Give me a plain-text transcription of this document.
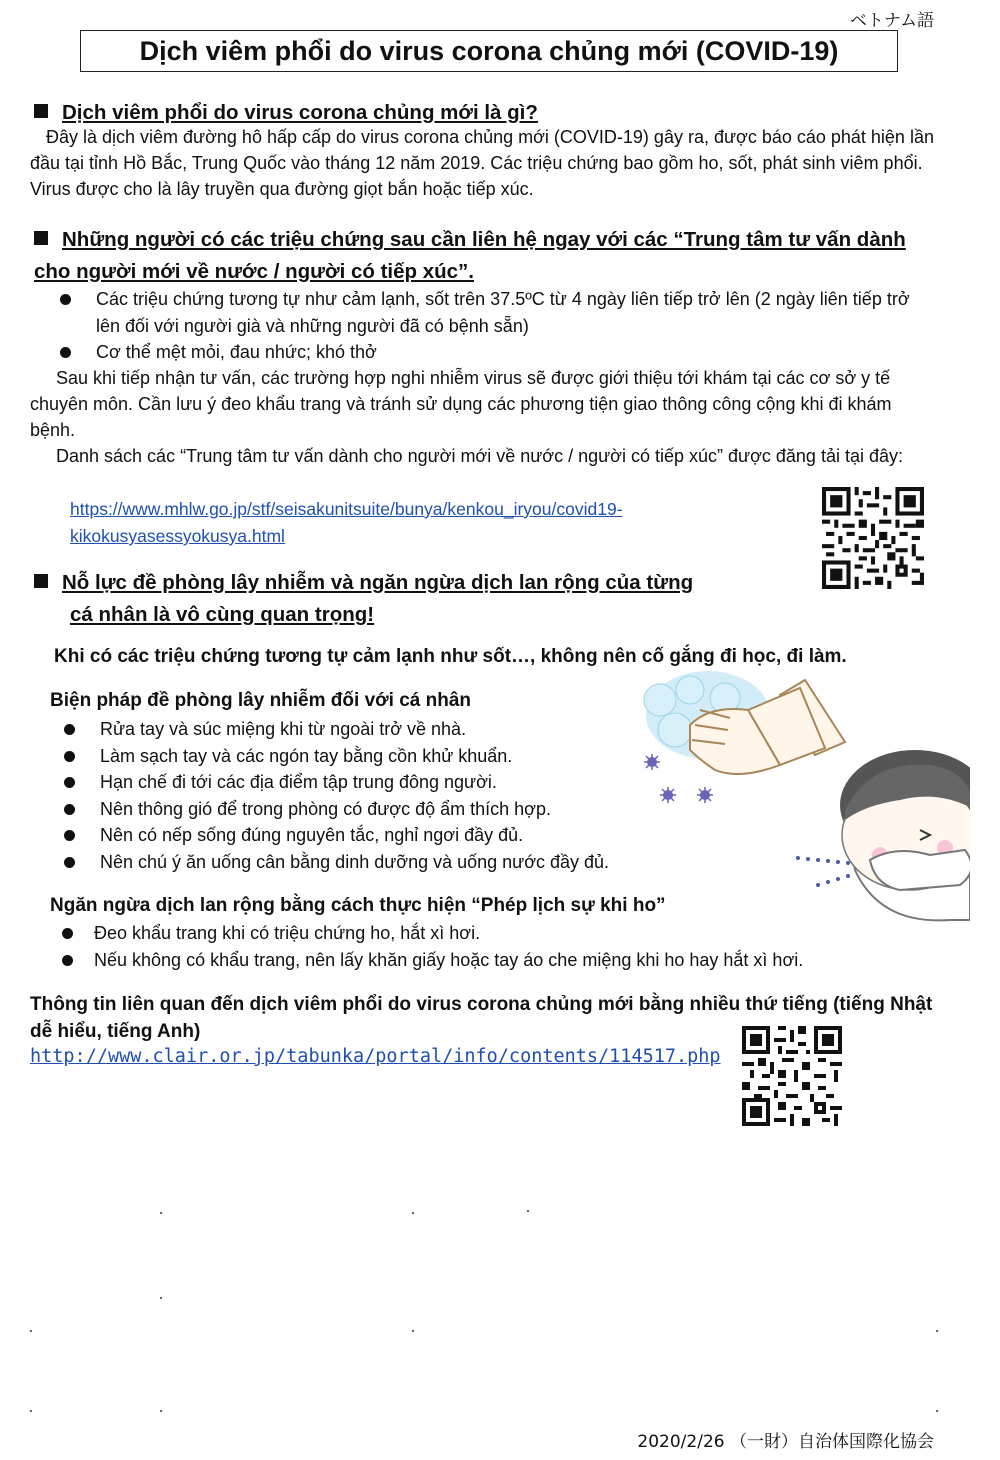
ベトナム語
Dịch viêm phổi do virus corona chủng mới (COVID-19)
Dịch viêm phổi do virus corona chủng mới là gì?
Đây là dịch viêm đường hô hấp cấp do virus corona chủng mới (COVID-19) gây ra, được báo cáo phát hiện lần đầu tại tỉnh Hồ Bắc, Trung Quốc vào tháng 12 năm 2019. Các triệu chứng bao gồm ho, sốt, phát sinh viêm phổi. Virus được cho là lây truyền qua đường giọt bắn hoặc tiếp xúc.
Những người có các triệu chứng sau cần liên hệ ngay với các “Trung tâm tư vấn dành cho người mới về nước / người có tiếp xúc”.
Các triệu chứng tương tự như cảm lạnh, sốt trên 37.5ºC từ 4 ngày liên tiếp trở lên (2 ngày liên tiếp trở lên đối với người già và những người đã có bệnh sẵn)
Cơ thể mệt mỏi, đau nhức; khó thở
Sau khi tiếp nhận tư vấn, các trường hợp nghi nhiễm virus sẽ được giới thiệu tới khám tại các cơ sở y tế chuyên môn. Cần lưu ý đeo khẩu trang và tránh sử dụng các phương tiện giao thông công cộng khi đi khám bệnh.
Danh sách các “Trung tâm tư vấn dành cho người mới về nước / người có tiếp xúc” được đăng tải tại đây:
https://www.mhlw.go.jp/stf/seisakunitsuite/bunya/kenkou_iryou/covid19-
kikokusyasessyokusya.html
Nỗ lực đề phòng lây nhiễm và ngăn ngừa dịch lan rộng của từng
cá nhân là vô cùng quan trọng!
Khi có các triệu chứng tương tự cảm lạnh như sốt…, không nên cố gắng đi học, đi làm.
Biện pháp đề phòng lây nhiễm đối với cá nhân
Rửa tay và súc miệng khi từ ngoài trở về nhà.
Làm sạch tay và các ngón tay bằng cồn khử khuẩn.
Hạn chế đi tới các địa điểm tập trung đông người.
Nên thông gió để trong phòng có được độ ẩm thích hợp.
Nên có nếp sống đúng nguyên tắc, nghỉ ngơi đầy đủ.
Nên chú ý ăn uống cân bằng dinh dưỡng và uống nước đầy đủ.
Ngăn ngừa dịch lan rộng bằng cách thực hiện “Phép lịch sự khi ho”
Đeo khẩu trang khi có triệu chứng ho, hắt xì hơi.
Nếu không có khẩu trang, nên lấy khăn giấy hoặc tay áo che miệng khi ho hay hắt xì hơi.
Thông tin liên quan đến dịch viêm phổi do virus corona chủng mới bằng nhiều thứ tiếng (tiếng Nhật dễ hiểu, tiếng Anh)
http://www.clair.or.jp/tabunka/portal/info/contents/114517.php
2020/2/26 （一財）自治体国際化協会
